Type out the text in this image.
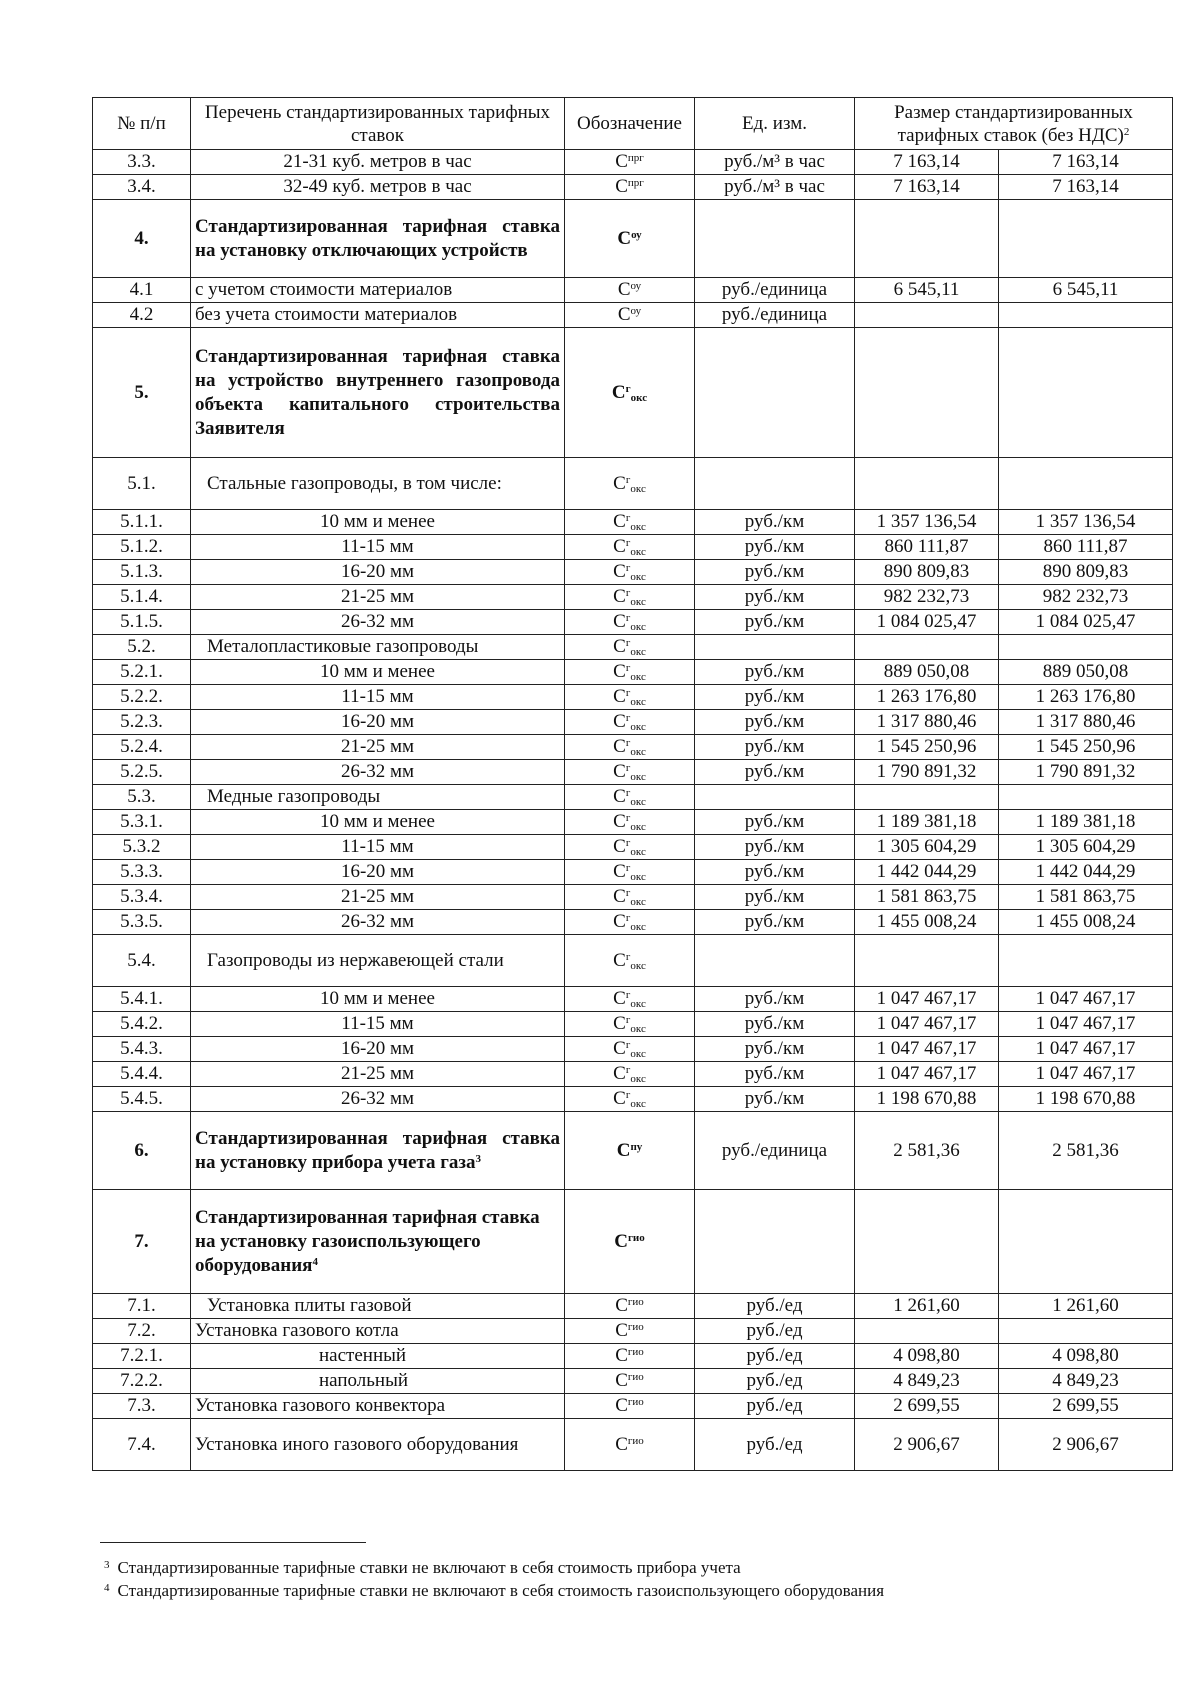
№ п/п	Перечень стандартизированных тарифных ставок	Обозначение	Ед. изм.	Размер стандартизированных тарифных ставок (без НДС)$^2$
3.3.	21-31 куб. метров в час	$C^{прг}$	руб./м³ в час	7 163,14	7 163,14
3.4.	32-49 куб. метров в час	$C^{прг}$	руб./м³ в час	7 163,14	7 163,14
4.	Стандартизированная тарифная ставка на установку отключающих устройств	$C^{оу}$			
4.1	с учетом стоимости материалов	$C^{оу}$	руб./единица	6 545,11	6 545,11
4.2	без учета стоимости материалов	$C^{оу}$	руб./единица		
5.	Стандартизированная тарифная ставка на устройство внутреннего газопровода объекта капитального строительства Заявителя	$C^г_{окс}$			
5.1.	Стальные газопроводы, в том числе:	$C^г_{окс}$			
5.1.1.	10 мм и менее	$C^г_{окс}$	руб./км	1 357 136,54	1 357 136,54
5.1.2.	11-15 мм	$C^г_{окс}$	руб./км	860 111,87	860 111,87
5.1.3.	16-20 мм	$C^г_{окс}$	руб./км	890 809,83	890 809,83
5.1.4.	21-25 мм	$C^г_{окс}$	руб./км	982 232,73	982 232,73
5.1.5.	26-32 мм	$C^г_{окс}$	руб./км	1 084 025,47	1 084 025,47
5.2.	Металопластиковые газопроводы	$C^г_{окс}$			
5.2.1.	10 мм и менее	$C^г_{окс}$	руб./км	889 050,08	889 050,08
5.2.2.	11-15 мм	$C^г_{окс}$	руб./км	1 263 176,80	1 263 176,80
5.2.3.	16-20 мм	$C^г_{окс}$	руб./км	1 317 880,46	1 317 880,46
5.2.4.	21-25 мм	$C^г_{окс}$	руб./км	1 545 250,96	1 545 250,96
5.2.5.	26-32 мм	$C^г_{окс}$	руб./км	1 790 891,32	1 790 891,32
5.3.	Медные газопроводы	$C^г_{окс}$			
5.3.1.	10 мм и менее	$C^г_{окс}$	руб./км	1 189 381,18	1 189 381,18
5.3.2	11-15 мм	$C^г_{окс}$	руб./км	1 305 604,29	1 305 604,29
5.3.3.	16-20 мм	$C^г_{окс}$	руб./км	1 442 044,29	1 442 044,29
5.3.4.	21-25 мм	$C^г_{окс}$	руб./км	1 581 863,75	1 581 863,75
5.3.5.	26-32 мм	$C^г_{окс}$	руб./км	1 455 008,24	1 455 008,24
5.4.	Газопроводы из нержавеющей стали	$C^г_{окс}$			
5.4.1.	10 мм и менее	$C^г_{окс}$	руб./км	1 047 467,17	1 047 467,17
5.4.2.	11-15 мм	$C^г_{окс}$	руб./км	1 047 467,17	1 047 467,17
5.4.3.	16-20 мм	$C^г_{окс}$	руб./км	1 047 467,17	1 047 467,17
5.4.4.	21-25 мм	$C^г_{окс}$	руб./км	1 047 467,17	1 047 467,17
5.4.5.	26-32 мм	$C^г_{окс}$	руб./км	1 198 670,88	1 198 670,88
6.	Стандартизированная тарифная ставка на установку прибора учета газа$^3$	$C^{пу}$	руб./единица	2 581,36	2 581,36
7.	Стандартизированная тарифная ставка на установку газоиспользующего оборудования$^4$	$C^{гио}$			
7.1.	Установка плиты газовой	$C^{гио}$	руб./ед	1 261,60	1 261,60
7.2.	Установка газового котла	$C^{гио}$	руб./ед		
7.2.1.	настенный	$C^{гио}$	руб./ед	4 098,80	4 098,80
7.2.2.	напольный	$C^{гио}$	руб./ед	4 849,23	4 849,23
7.3.	Установка газового конвектора	$C^{гио}$	руб./ед	2 699,55	2 699,55
7.4.	Установка иного газового оборудования	$C^{гио}$	руб./ед	2 906,67	2 906,67
$^3$ Стандартизированные тарифные ставки не включают в себя стоимость прибора учета
$^4$ Стандартизированные тарифные ставки не включают в себя стоимость газоиспользующего оборудования
